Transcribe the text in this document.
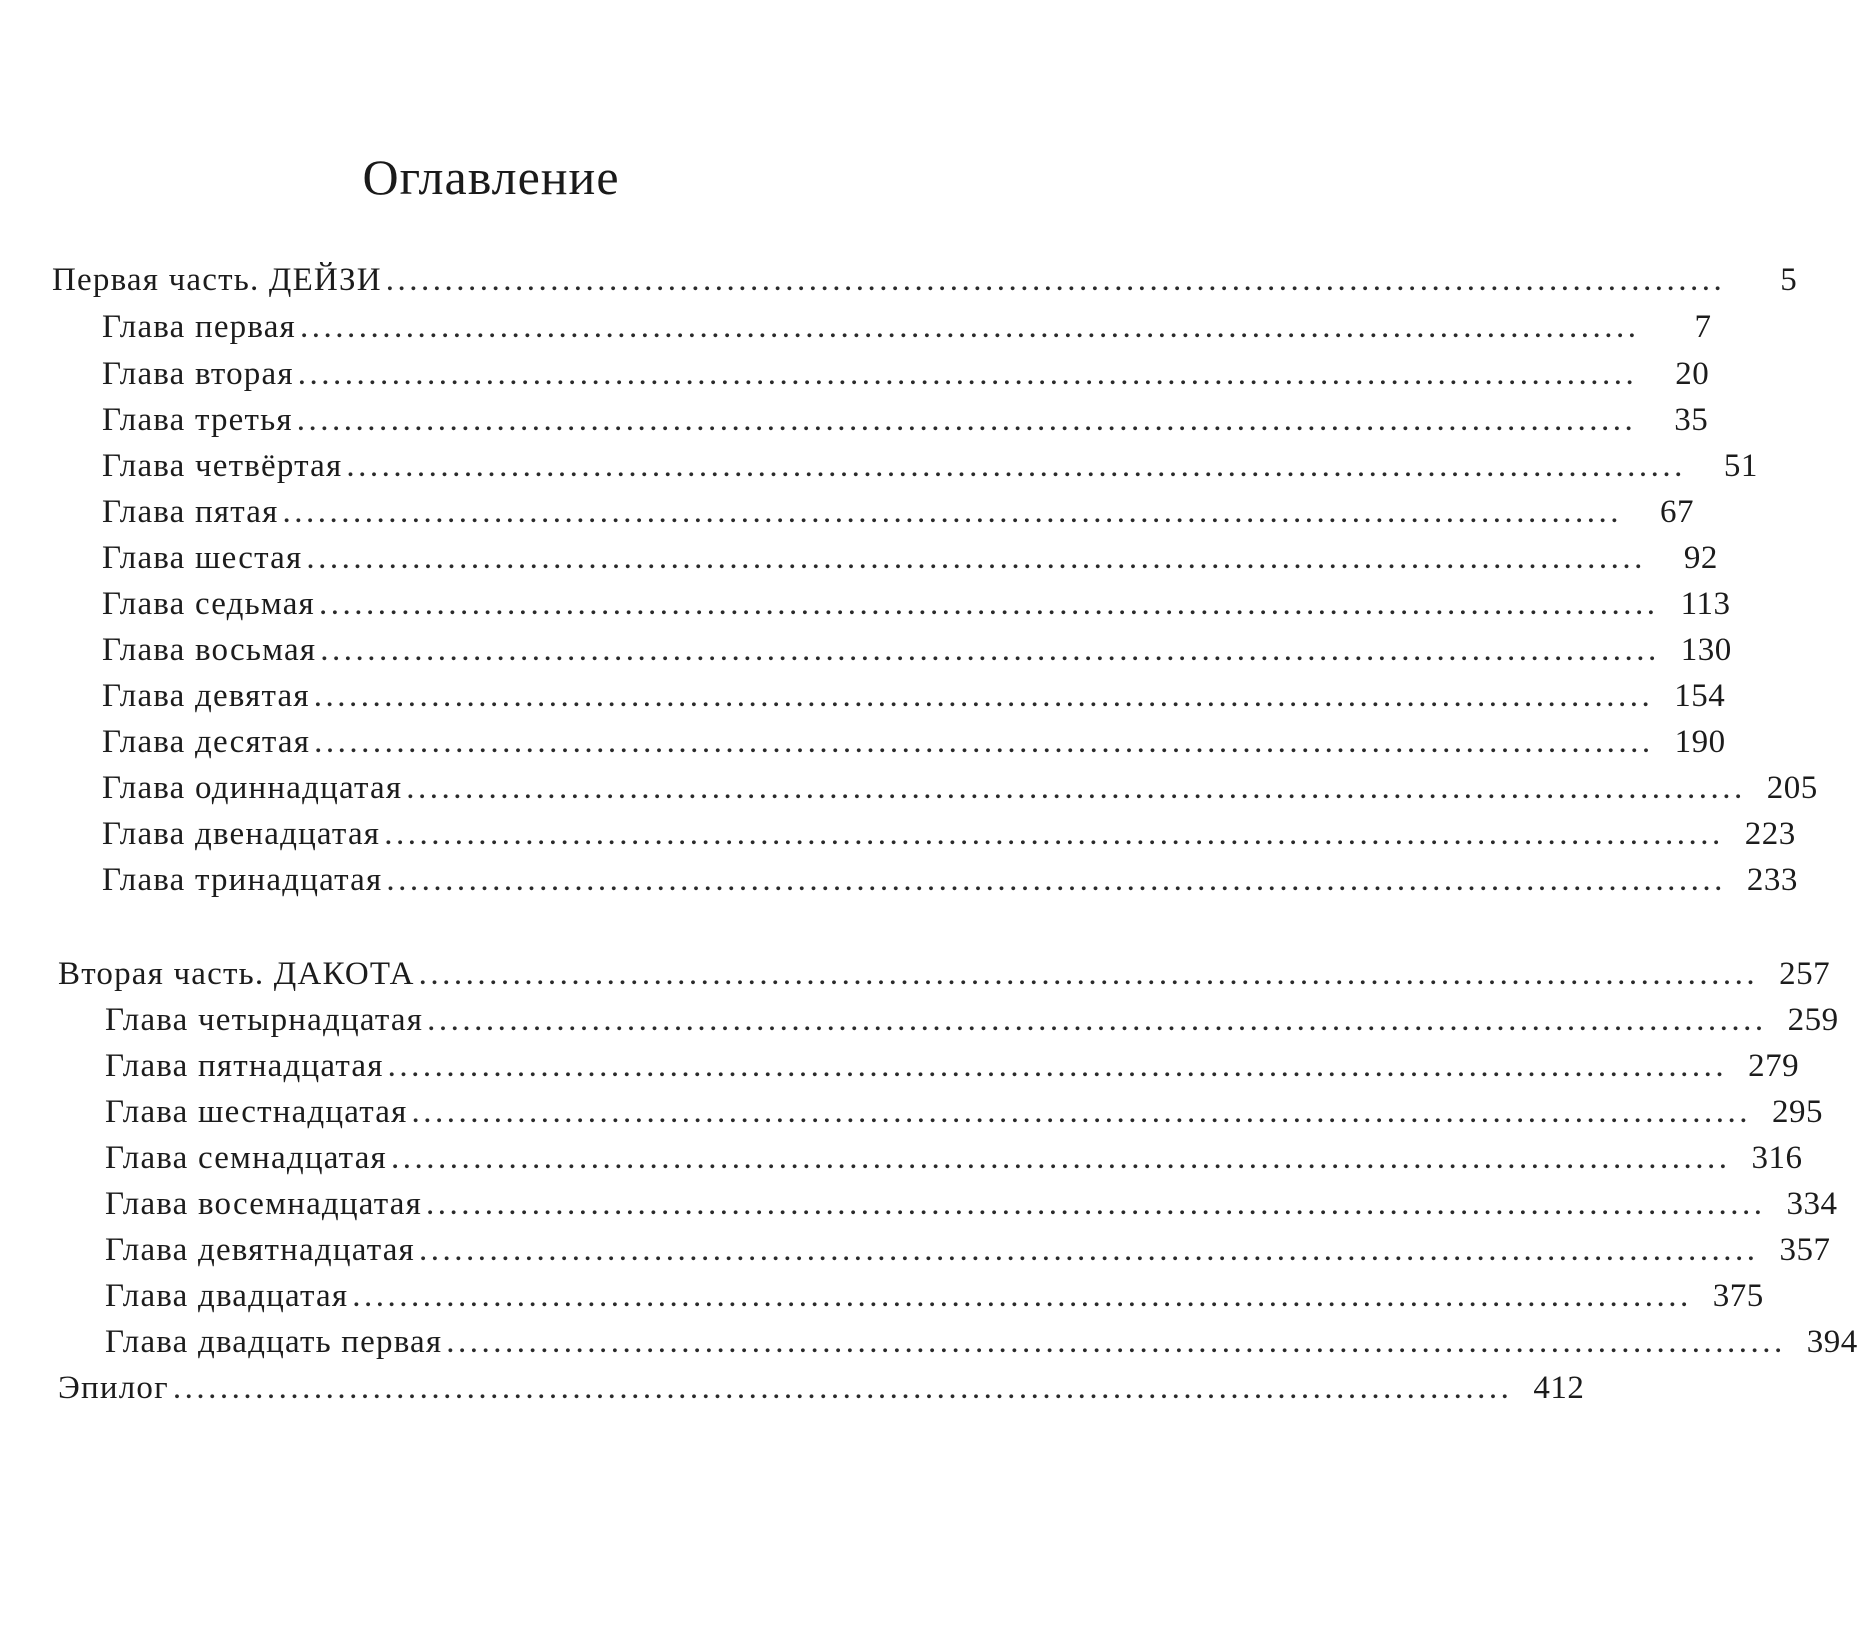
Оглавление
Первая часть. ДЕЙЗИ ..................................................................................................................	5
Глава первая ..................................................................................................................	7
Глава вторая ..................................................................................................................	20
Глава третья ..................................................................................................................	35
Глава четвёртая ..................................................................................................................	51
Глава пятая ..................................................................................................................	67
Глава шестая ..................................................................................................................	92
Глава седьмая .................................................................................................................. 113
Глава восьмая .................................................................................................................. 130
Глава девятая .................................................................................................................. 154
Глава десятая .................................................................................................................. 190
Глава одиннадцатая .................................................................................................................. 205
Глава двенадцатая .................................................................................................................. 223
Глава тринадцатая .................................................................................................................. 233
Вторая часть. ДАКОТА .................................................................................................................. 257
Глава четырнадцатая .................................................................................................................. 259
Глава пятнадцатая .................................................................................................................. 279
Глава шестнадцатая .................................................................................................................. 295
Глава семнадцатая .................................................................................................................. 316
Глава восемнадцатая .................................................................................................................. 334
Глава девятнадцатая .................................................................................................................. 357
Глава двадцатая .................................................................................................................. 375
Глава двадцать первая .................................................................................................................. 394
Эпилог .................................................................................................................. 412
